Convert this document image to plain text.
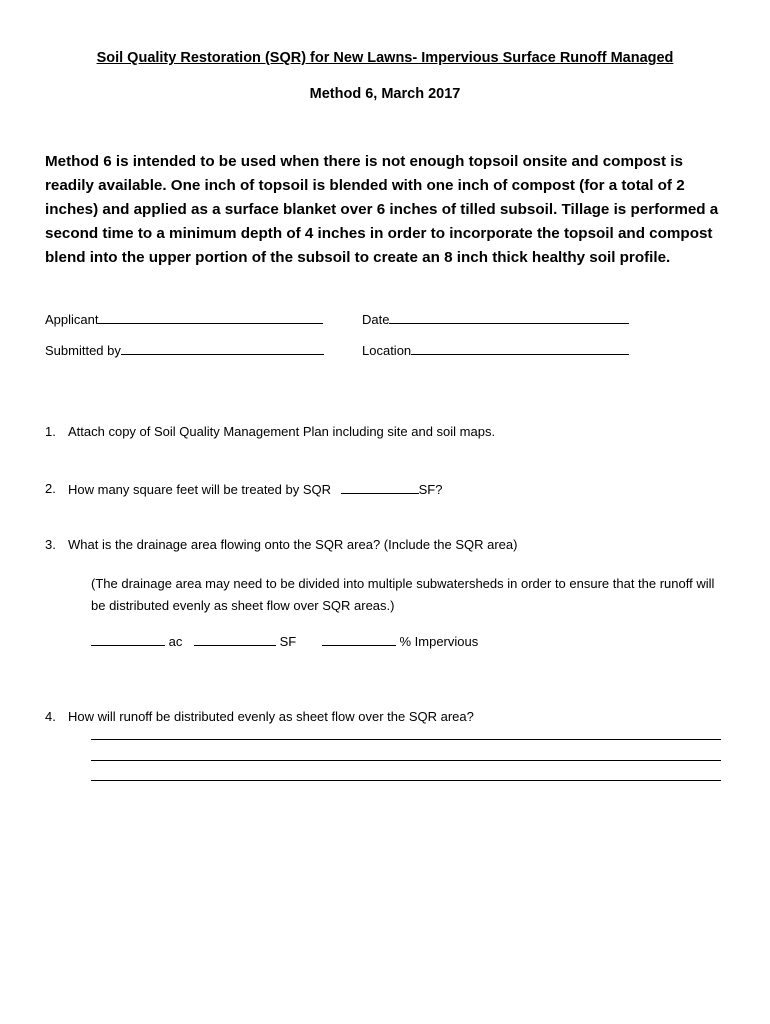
Soil Quality Restoration (SQR) for New Lawns- Impervious Surface Runoff Managed
Method 6, March 2017
Method 6 is intended to be used when there is not enough topsoil onsite and compost is readily available. One inch of topsoil is blended with one inch of compost (for a total of 2 inches) and applied as a surface blanket over 6 inches of tilled subsoil. Tillage is performed a second time to a minimum depth of 4 inches in order to incorporate the topsoil and compost blend into the upper portion of the subsoil to create an 8 inch thick healthy soil profile.
Applicant	Date
Submitted by	Location
1. Attach copy of Soil Quality Management Plan including site and soil maps.
2. How many square feet will be treated by SQR	SF?
3. What is the drainage area flowing onto the SQR area? (Include the SQR area)
(The drainage area may need to be divided into multiple subwatersheds in order to ensure that the runoff will be distributed evenly as sheet flow over SQR areas.)
ac	SF	% Impervious
4. How will runoff be distributed evenly as sheet flow over the SQR area?
